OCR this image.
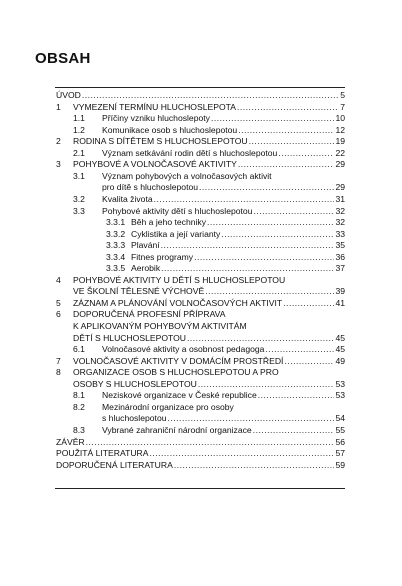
OBSAH
ÚVOD .....	5
1 VYMEZENÍ TERMÍNU HLUCHOSLEPOTA .....	7
1.1 Příčiny vzniku hluchoslepoty .....	10
1.2 Komunikace osob s hluchoslepotou .....	12
2 RODINA S DÍTĚTEM S HLUCHOSLEPOTOU .....	19
2.1 Význam setkávání rodin dětí s hluchoslepotou .....	22
3 POHYBOVÉ A VOLNOČASOVÉ AKTIVITY .....	29
3.1 Význam pohybových a volnočasových aktivit
pro dítě s hluchoslepotou .....	29
3.2 Kvalita života .....	31
3.3 Pohybové aktivity dětí s hluchoslepotou .....	32
3.3.1 Běh a jeho techniky .....	32
3.3.2 Cyklistika a její varianty .....	33
3.3.3 Plavání .....	35
3.3.4 Fitnes programy .....	36
3.3.5 Aerobik .....	37
4 POHYBOVÉ AKTIVITY U DĚTÍ S HLUCHOSLEPOTOU
VE ŠKOLNÍ TĚLESNÉ VÝCHOVĚ .....	39
5 ZÁZNAM A PLÁNOVÁNÍ VOLNOČASOVÝCH AKTIVIT .....	41
6 DOPORUČENÁ PROFESNÍ PŘÍPRAVA
K APLIKOVANÝM POHYBOVÝM AKTIVITÁM
DĚTÍ S HLUCHOSLEPOTOU .....	45
6.1 Volnočasové aktivity a osobnost pedagoga .....	45
7 VOLNOČASOVÉ AKTIVITY V DOMÁCÍM PROSTŘEDÍ .....	49
8 ORGANIZACE OSOB S HLUCHOSLEPOTOU A PRO
OSOBY S HLUCHOSLEPOTOU .....	53
8.1 Neziskové organizace v České republice .....	53
8.2 Mezinárodní organizace pro osoby
s hluchoslepotou .....	54
8.3 Vybrané zahraniční národní organizace .....	55
ZÁVĚR .....	56
POUŽITÁ LITERATURA .....	57
DOPORUČENÁ LITERATURA .....	59
